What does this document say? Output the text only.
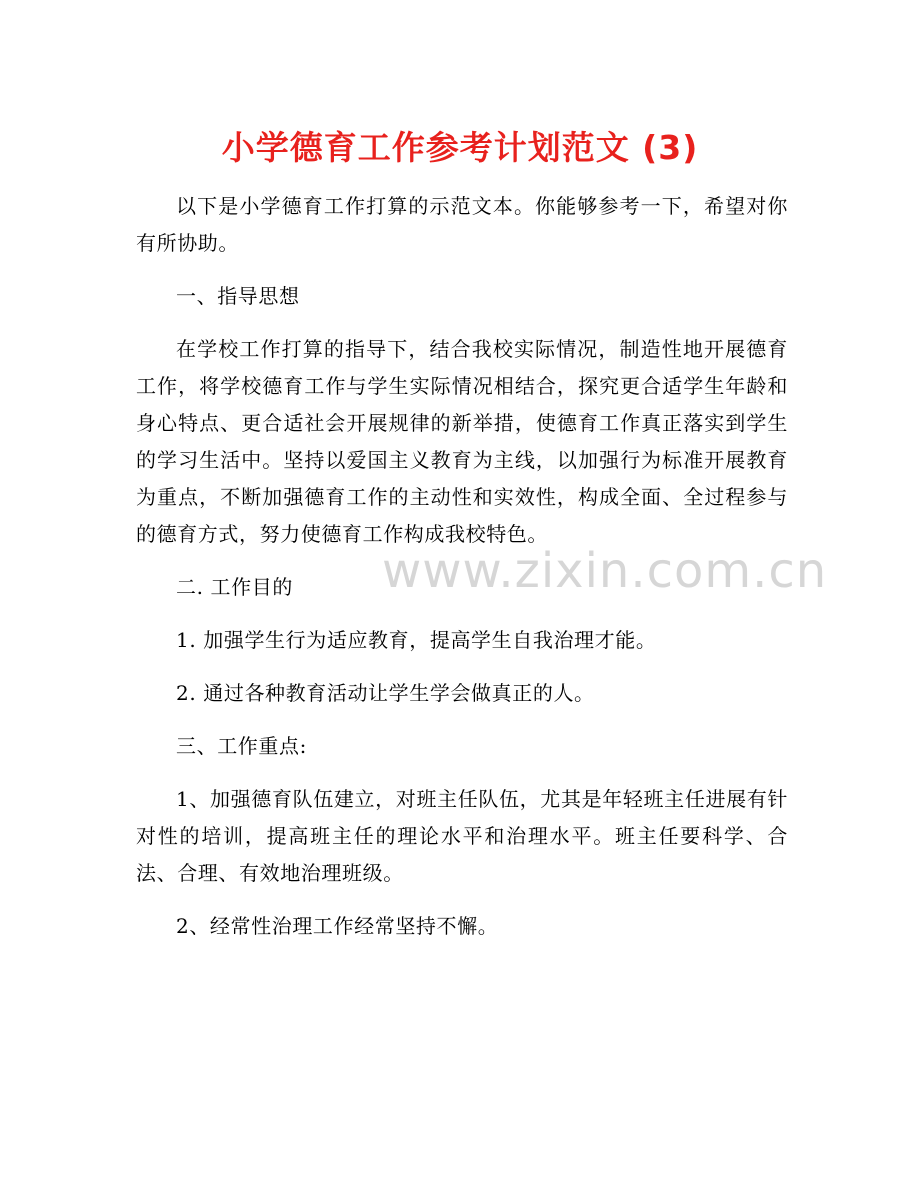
小学德育工作参考计划范文 (3)

以下是小学德育工作打算的示范文本。你能够参考一下，希望对你有所协助。

一、指导思想

在学校工作打算的指导下，结合我校实际情况，制造性地开展德育工作，将学校德育工作与学生实际情况相结合，探究更合适学生年龄和身心特点、更合适社会开展规律的新举措，使德育工作真正落实到学生的学习生活中。坚持以爱国主义教育为主线，以加强行为标准开展教育为重点，不断加强德育工作的主动性和实效性，构成全面、全过程参与的德育方式，努力使德育工作构成我校特色。

二. 工作目的

1. 加强学生行为适应教育，提高学生自我治理才能。

2. 通过各种教育活动让学生学会做真正的人。

三、工作重点:

1、加强德育队伍建立，对班主任队伍，尤其是年轻班主任进展有针对性的培训，提高班主任的理论水平和治理水平。班主任要科学、合法、合理、有效地治理班级。

2、经常性治理工作经常坚持不懈。

www.zixin.com.cn
